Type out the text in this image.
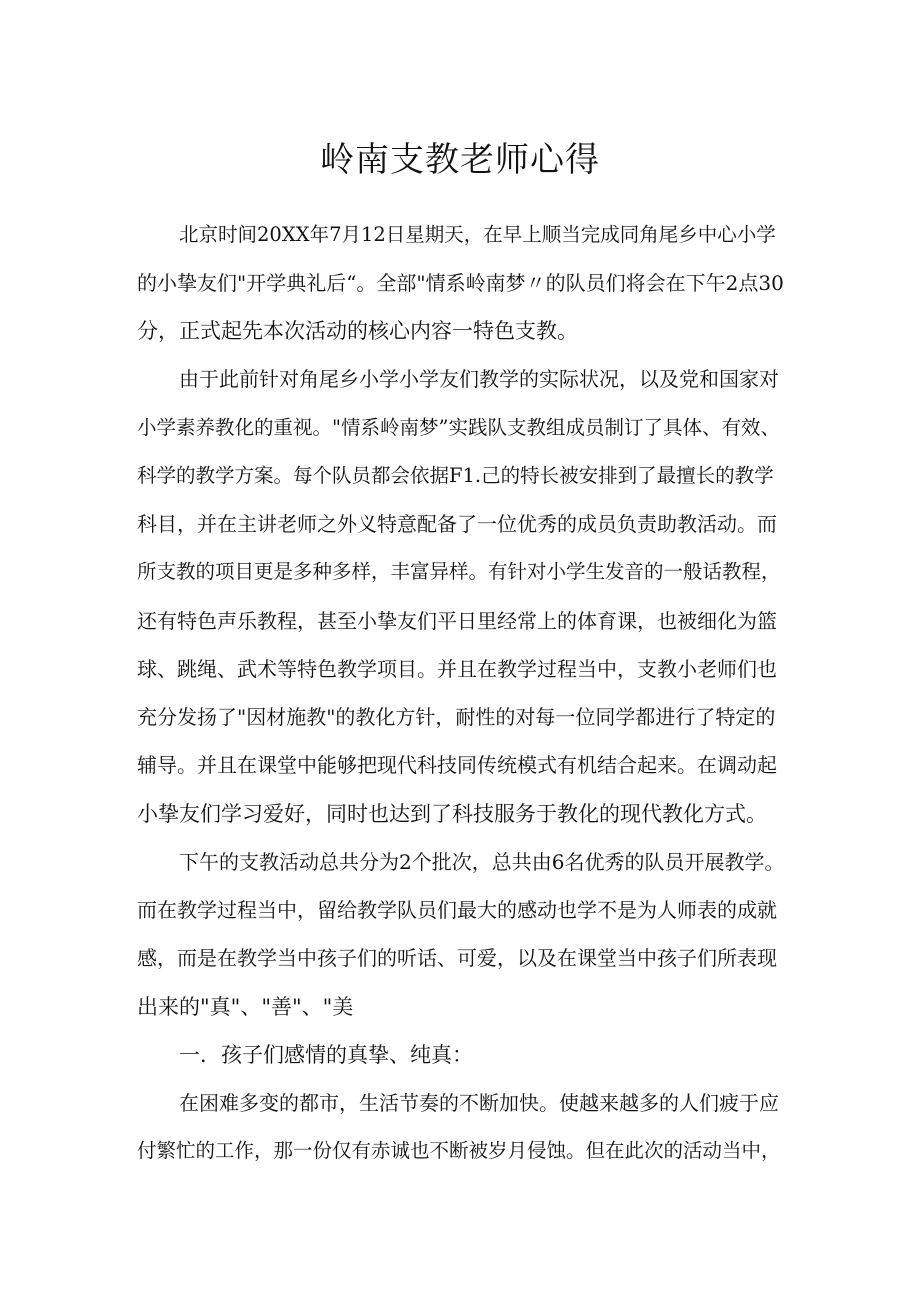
岭南支教老师心得
北京时间20XX年7月12日星期天，在早上顺当完成同角尾乡中心小学
的小挚友们"开学典礼后“。全部"情系岭南梦〃的队员们将会在下午2点30
分，正式起先本次活动的核心内容一特色支教。
由于此前针对角尾乡小学小学友们教学的实际状况，以及党和国家对
小学素养教化的重视。"情系岭南梦”实践队支教组成员制订了具体、有效、
科学的教学方案。每个队员都会依据F1.己的特长被安排到了最擅长的教学
科目，并在主讲老师之外义特意配备了一位优秀的成员负责助教活动。而
所支教的项目更是多种多样，丰富异样。有针对小学生发音的一般话教程，
还有特色声乐教程，甚至小挚友们平日里经常上的体育课，也被细化为篮
球、跳绳、武术等特色教学项目。并且在教学过程当中，支教小老师们也
充分发扬了"因材施教"的教化方针，耐性的对每一位同学都进行了特定的
辅导。并且在课堂中能够把现代科技同传统模式有机结合起来。在调动起
小挚友们学习爱好，同时也达到了科技服务于教化的现代教化方式。
下午的支教活动总共分为2个批次，总共由6名优秀的队员开展教学。
而在教学过程当中，留给教学队员们最大的感动也学不是为人师表的成就
感，而是在教学当中孩子们的听话、可爱，以及在课堂当中孩子们所表现
出来的"真"、"善"、"美
一．孩子们感情的真挚、纯真：
在困难多变的都市，生活节奏的不断加快。使越来越多的人们疲于应
付繁忙的工作，那一份仅有赤诚也不断被岁月侵蚀。但在此次的活动当中，
